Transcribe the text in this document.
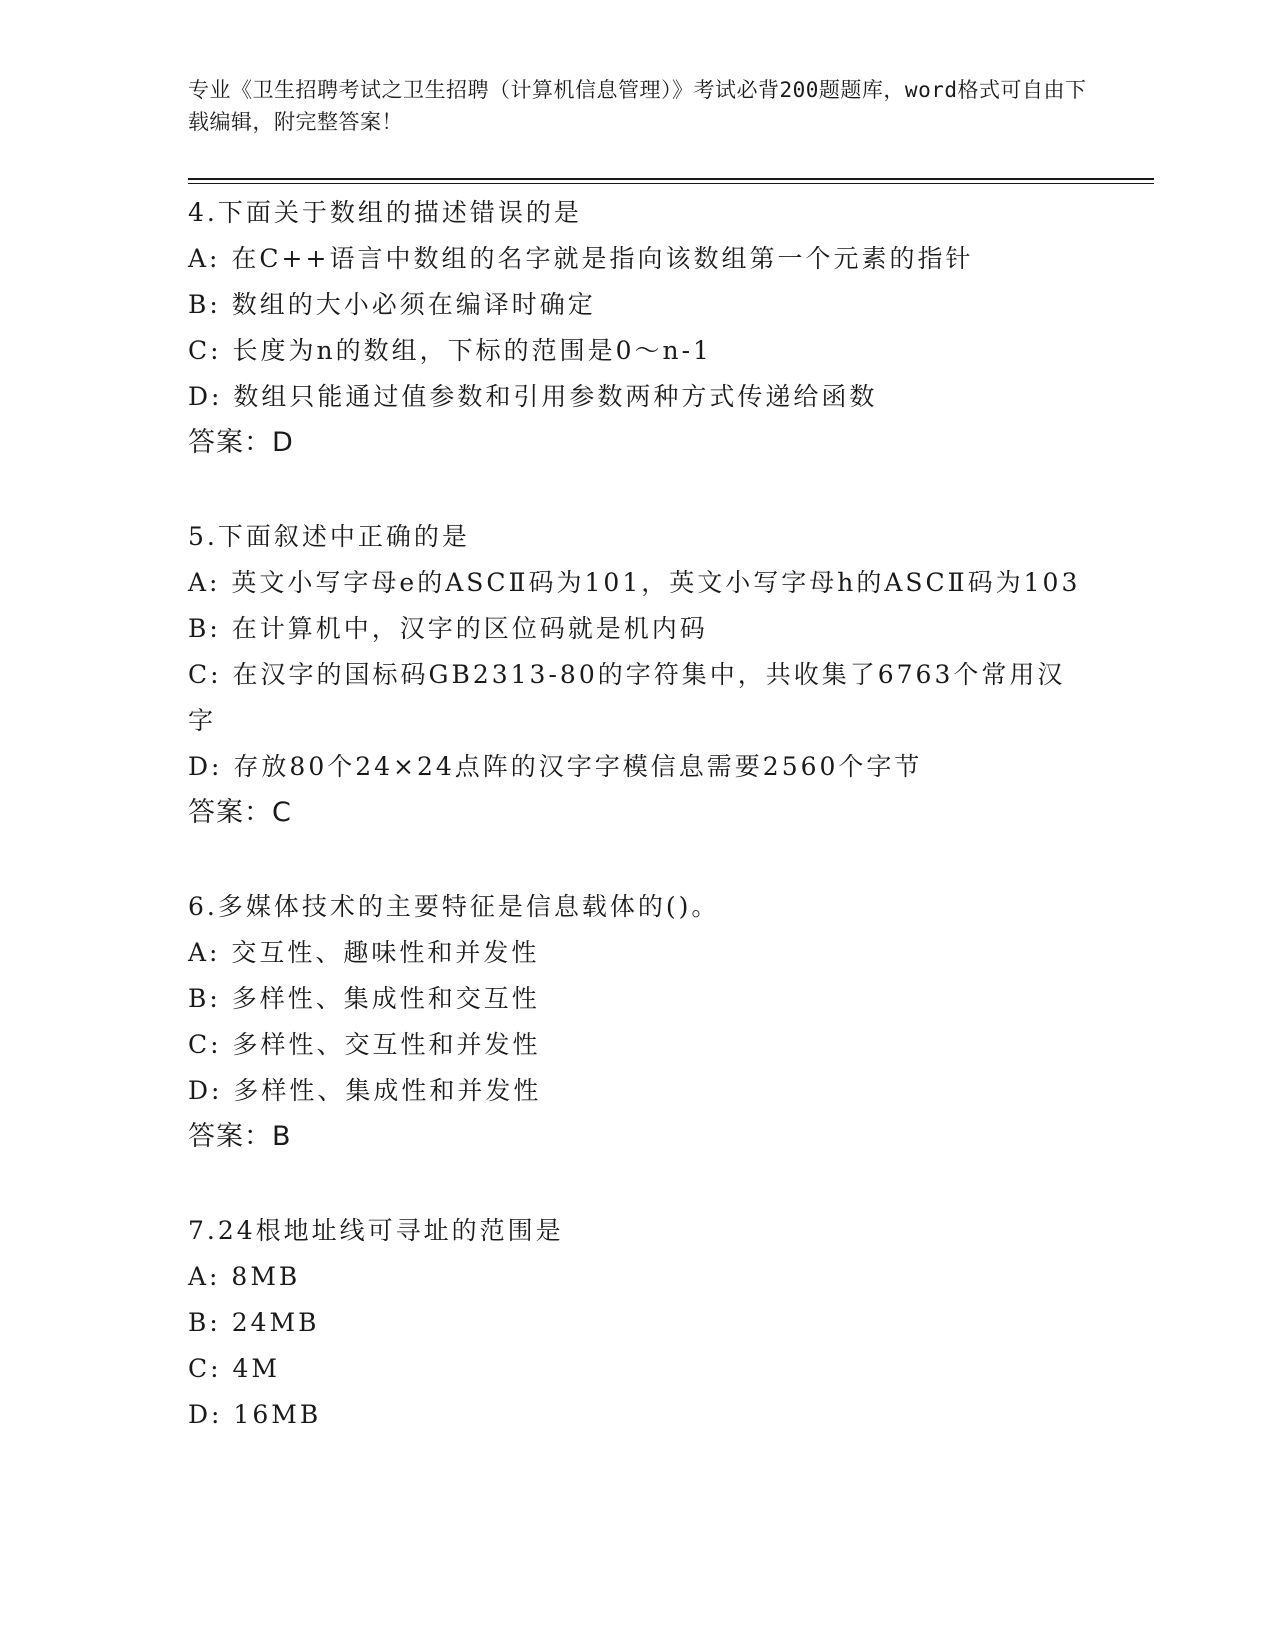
专业《卫生招聘考试之卫生招聘（计算机信息管理）》考试必背200题题库，word格式可自由下载编辑，附完整答案！

4.下面关于数组的描述错误的是

A: 在C++语言中数组的名字就是指向该数组第一个元素的指针

B: 数组的大小必须在编译时确定

C: 长度为n的数组，下标的范围是0～n-1

D: 数组只能通过值参数和引用参数两种方式传递给函数

答案：D

5.下面叙述中正确的是

A: 英文小写字母e的ASCⅡ码为101，英文小写字母h的ASCⅡ码为103

B: 在计算机中，汉字的区位码就是机内码

C: 在汉字的国标码GB2313-80的字符集中，共收集了6763个常用汉字

D: 存放80个24×24点阵的汉字字模信息需要2560个字节

答案：C

6.多媒体技术的主要特征是信息载体的()。

A: 交互性、趣味性和并发性

B: 多样性、集成性和交互性

C: 多样性、交互性和并发性

D: 多样性、集成性和并发性

答案：B

7.24根地址线可寻址的范围是

A: 8MB

B: 24MB

C: 4M

D: 16MB
